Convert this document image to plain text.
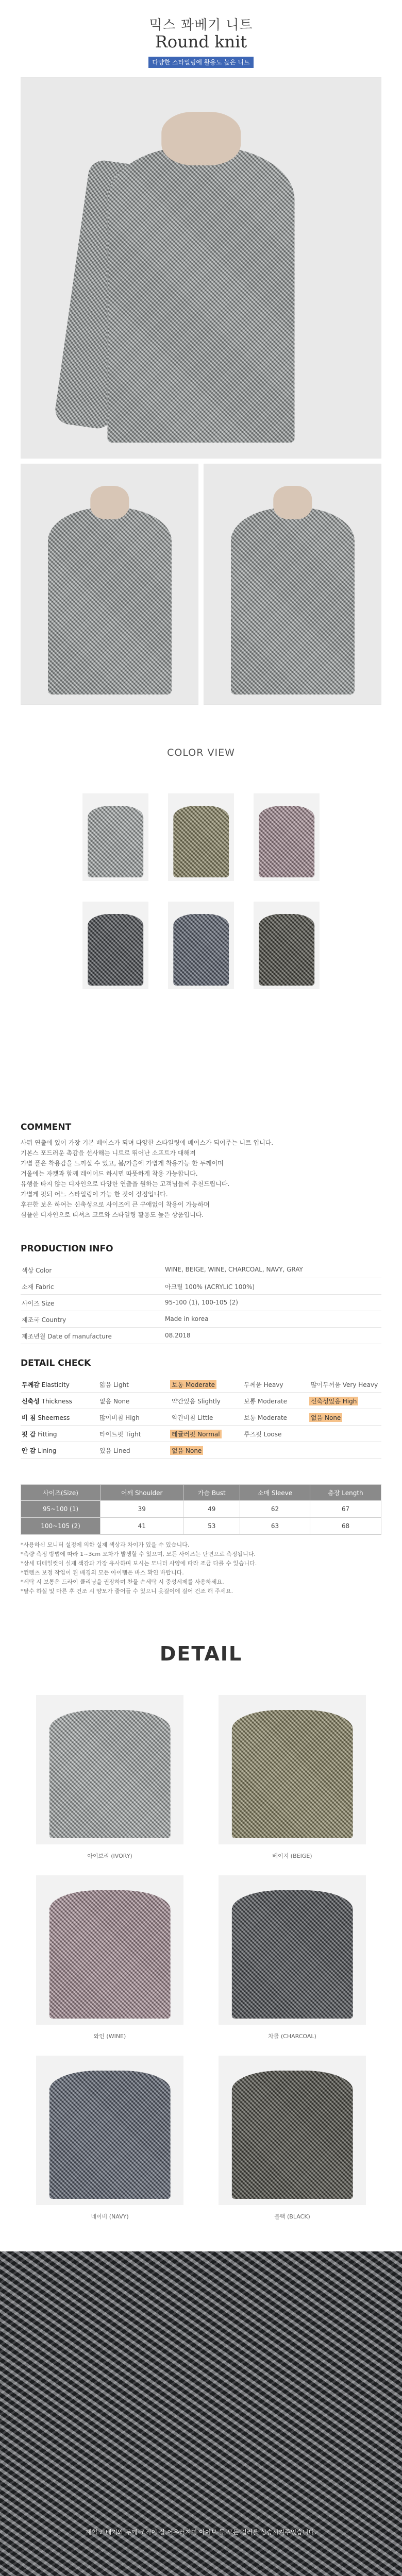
믹스 꽈베기 니트
Round knit
다양한 스타일링에 활용도 높은 니트
COLOR VIEW
COMMENT
사뮈 연출에 있어 가장 기본 베이스가 되며 다양한 스타일링에 베이스가 되어주는 니트 입니다.
기본스 포드러운 촉감을 선사해는 니트로 뛰어난 소프트가 대해져
가볍 플은 착용감을 느끼실 수 있고, 봄/가을에 가볍게 착용가능 한 두께이며
겨울에는 자켓과 함께 레이어드 하시면 따뜻하게 착용 가능합니다.
유행을 타지 않는 디자인으로 다양한 연출을 원하는 고객님들께 추천드립니다.
가볍게 핏되 어느 스타일링이 가능 한 것이 장점입니다.
후끈한 보온 하여는 신축성으로 사이즈에 큰 구애없이 착용이 가능하며
심플한 디자인으로 티셔츠 코트와 스타일링 활용도 높은 상품입니다.
PRODUCTION INFO
색상 Color	WINE, BEIGE, WINE, CHARCOAL, NAVY, GRAY
소재 Fabric	아크릴 100% (ACRYLIC 100%)
사이즈 Size	95-100 (1), 100-105 (2)
제조국 Country	Made in korea
제조년월 Date of manufacture	08.2018
DETAIL CHECK
두께감 Elasticity	얇음 Light	보통 Moderate	두께움 Heavy	많이두꺼움 Very Heavy
신축성 Thickness	없음 None	약간있음 Slightly	보통 Moderate	신축성있음 High
비 침 Sheerness	많이비침 High	약간비침 Little	보통 Moderate	없음 None
핏 감 Fitting	타이트핏 Tight	레귤러핏 Normal	루즈핏 Loose
안 감 Lining	있음 Lined	없음 None
사이즈(Size)	어깨 Shoulder	가슴 Bust	소매 Sleeve	총장 Length
95~100 (1)	39	49	62	67
100~105 (2)	41	53	63	68
*사용하신 모니터 설정에 의한 실제 색상과 차이가 있을 수 있습니다.
*측량 측정 방법에 따라 1~3cm 오차가 발생할 수 있으며, 모든 사이즈는 단면으로 측정됩니다.
*상세 디테일컷이 실제 색감과 가장 유사하며 보시는 모니터 사양에 따라 조금 다를 수 있습니다.
*컨텐츠 보정 작업이 된 배경의 모든 아이템은 바스 확인 바랍니다.
*세탁 시 보통은 드라이 클리닝을 권장하며 찬물 손세탁 시 중성세제를 사용하세요.
*탈수 하실 및 마른 후 건조 시 양모가 줄어들 수 있으니 옷걸이에 걸어 건조 해 주세요.
DETAIL
아이보리 (IVORY)	베이지 (BEIGE)
와인 (WINE)	차콜 (CHARCOAL)
네이비 (NAVY)	블랙 (BLACK)
제혈 꽈배기와 두께 조직이 잘 어우러지며 아이보 등 모든 컬러를 상승시켜주었습니다.
